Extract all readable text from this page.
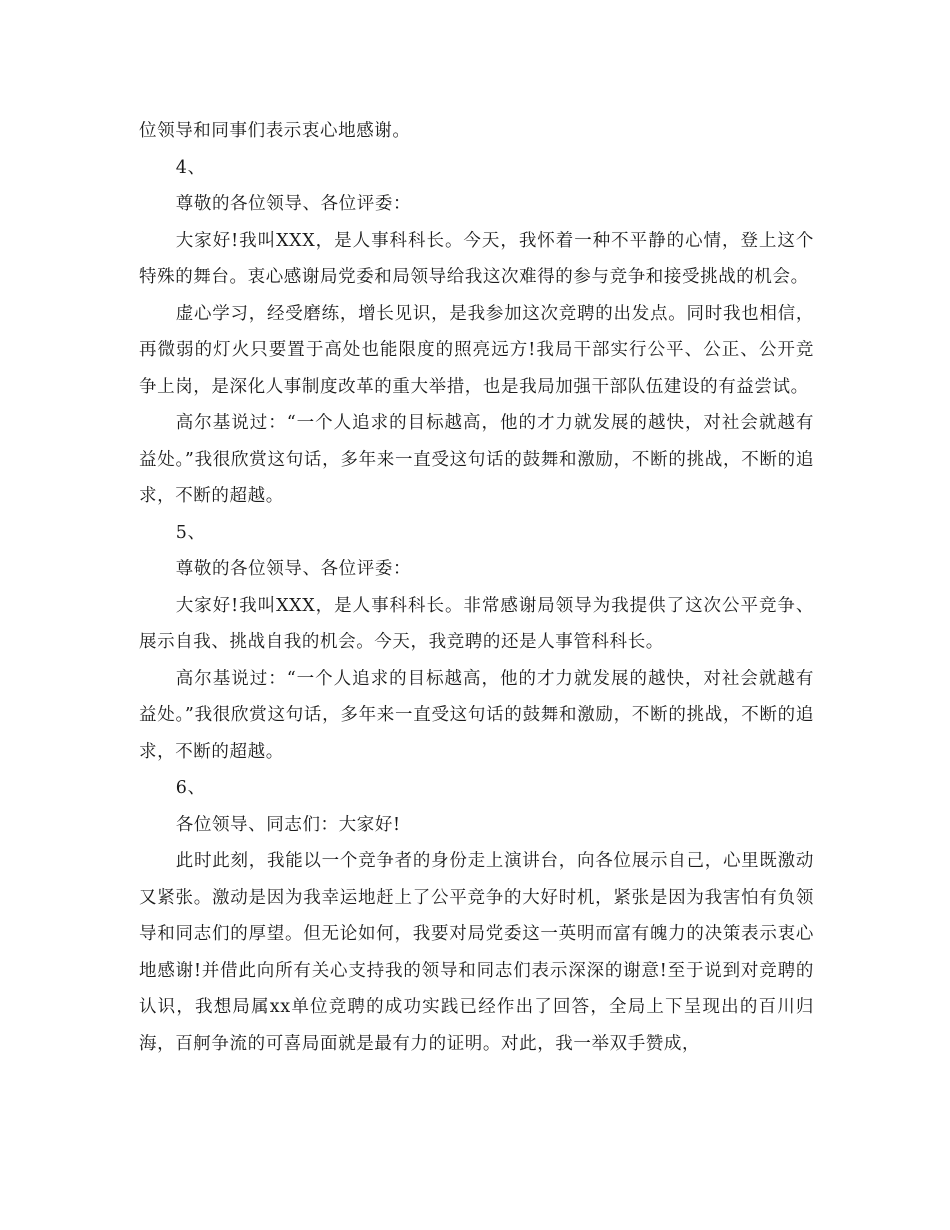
位领导和同事们表示衷心地感谢。

4、

尊敬的各位领导、各位评委：

大家好!我叫XXX，是人事科科长。今天，我怀着一种不平静的心情，登上这个特殊的舞台。衷心感谢局党委和局领导给我这次难得的参与竞争和接受挑战的机会。

虚心学习，经受磨练，增长见识，是我参加这次竞聘的出发点。同时我也相信，再微弱的灯火只要置于高处也能限度的照亮远方!我局干部实行公平、公正、公开竞争上岗，是深化人事制度改革的重大举措，也是我局加强干部队伍建设的有益尝试。

高尔基说过：“一个人追求的目标越高，他的才力就发展的越快，对社会就越有益处。”我很欣赏这句话，多年来一直受这句话的鼓舞和激励，不断的挑战，不断的追求，不断的超越。

5、

尊敬的各位领导、各位评委：

大家好!我叫XXX，是人事科科长。非常感谢局领导为我提供了这次公平竞争、展示自我、挑战自我的机会。今天，我竞聘的还是人事管科科长。

高尔基说过：“一个人追求的目标越高，他的才力就发展的越快，对社会就越有益处。”我很欣赏这句话，多年来一直受这句话的鼓舞和激励，不断的挑战，不断的追求，不断的超越。

6、

各位领导、同志们：大家好!

此时此刻，我能以一个竞争者的身份走上演讲台，向各位展示自己，心里既激动又紧张。激动是因为我幸运地赶上了公平竞争的大好时机，紧张是因为我害怕有负领导和同志们的厚望。但无论如何，我要对局党委这一英明而富有魄力的决策表示衷心地感谢!并借此向所有关心支持我的领导和同志们表示深深的谢意!至于说到对竞聘的认识，我想局属xx单位竞聘的成功实践已经作出了回答，全局上下呈现出的百川归海，百舸争流的可喜局面就是最有力的证明。对此，我一举双手赞成，
